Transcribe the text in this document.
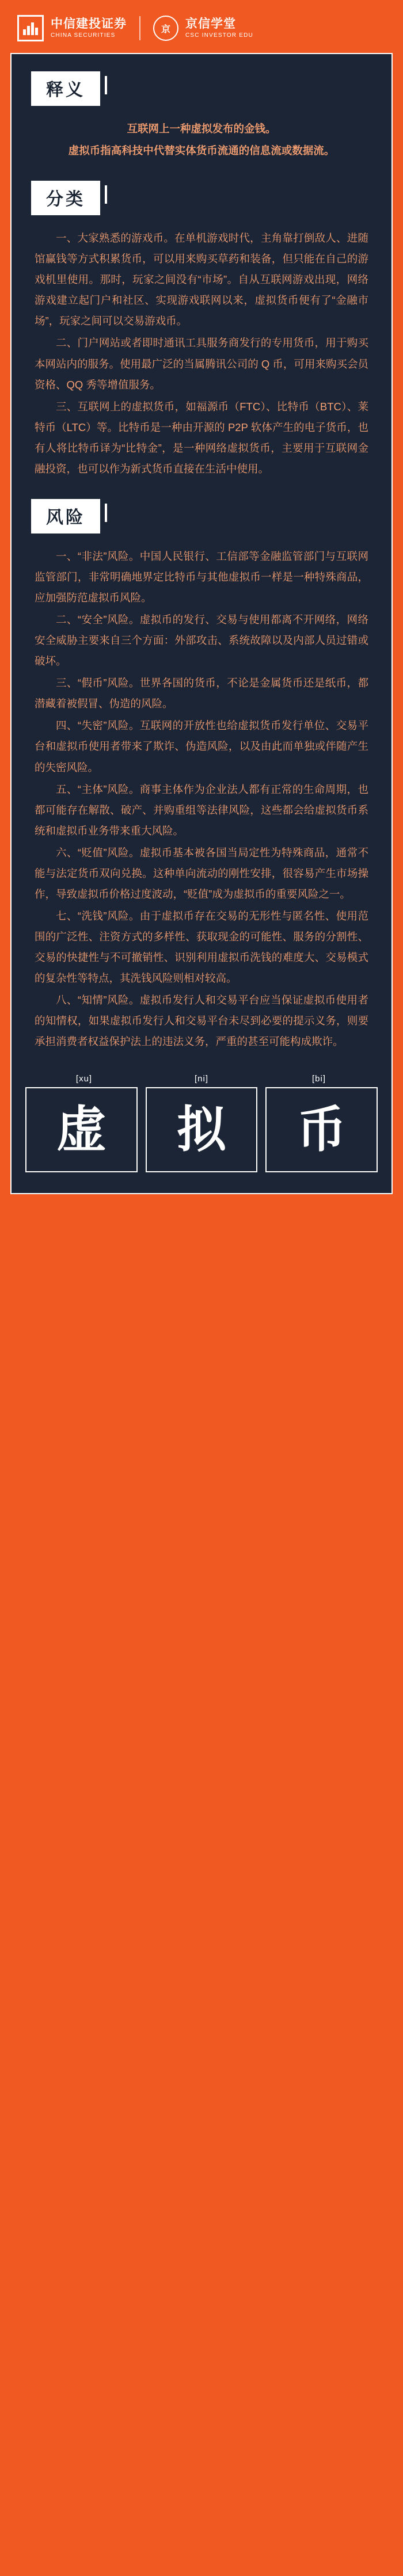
中信建投证券
CHINA SECURITIES
京	京信学堂
CSC INVESTOR EDU
释义

互联网上一种虚拟发布的金钱。

虚拟币指高科技中代替实体货币流通的信息流或数据流。

分类

一、大家熟悉的游戏币。在单机游戏时代，主角靠打倒敌人、进随馆赢钱等方式积累货币，可以用来购买草药和装备，但只能在自己的游戏机里使用。那时，玩家之间没有“市场”。自从互联网游戏出现，网络游戏建立起门户和社区、实现游戏联网以来，虚拟货币便有了“金融市场”，玩家之间可以交易游戏币。

二、门户网站或者即时通讯工具服务商发行的专用货币，用于购买本网站内的服务。使用最广泛的当属腾讯公司的 Q 币，可用来购买会员资格、QQ 秀等增值服务。

三、互联网上的虚拟货币，如福源币（FTC）、比特币（BTC）、莱特币（LTC）等。比特币是一种由开源的 P2P 软体产生的电子货币，也有人将比特币译为“比特金”，是一种网络虚拟货币，主要用于互联网金融投资，也可以作为新式货币直接在生活中使用。

风险

一、“非法”风险。中国人民银行、工信部等金融监管部门与互联网监管部门，非常明确地界定比特币与其他虚拟币一样是一种特殊商品，应加强防范虚拟币风险。

二、“安全”风险。虚拟币的发行、交易与使用都离不开网络，网络安全威胁主要来自三个方面：外部攻击、系统故障以及内部人员过错或破坏。

三、“假币”风险。世界各国的货币，不论是金属货币还是纸币，都潜藏着被假冒、伪造的风险。

四、“失密”风险。互联网的开放性也给虚拟货币发行单位、交易平台和虚拟币使用者带来了欺诈、伪造风险，以及由此而单独或伴随产生的失密风险。

五、“主体”风险。商事主体作为企业法人都有正常的生命周期，也都可能存在解散、破产、并购重组等法律风险，这些都会给虚拟货币系统和虚拟币业务带来重大风险。

六、“贬值”风险。虚拟币基本被各国当局定性为特殊商品，通常不能与法定货币双向兑换。这种单向流动的刚性安排，很容易产生市场操作，导致虚拟币价格过度波动，“贬值”成为虚拟币的重要风险之一。

七、“洗钱”风险。由于虚拟币存在交易的无形性与匿名性、使用范围的广泛性、注资方式的多样性、获取现金的可能性、服务的分割性、交易的快捷性与不可撤销性、识别利用虚拟币洗钱的难度大、交易模式的复杂性等特点，其洗钱风险则相对较高。

八、“知情”风险。虚拟币发行人和交易平台应当保证虚拟币使用者的知情权，如果虚拟币发行人和交易平台未尽到必要的提示义务，则要承担消费者权益保护法上的违法义务，严重的甚至可能构成欺诈。

[xu]	[ni]	[bi]
虚	拟	币
